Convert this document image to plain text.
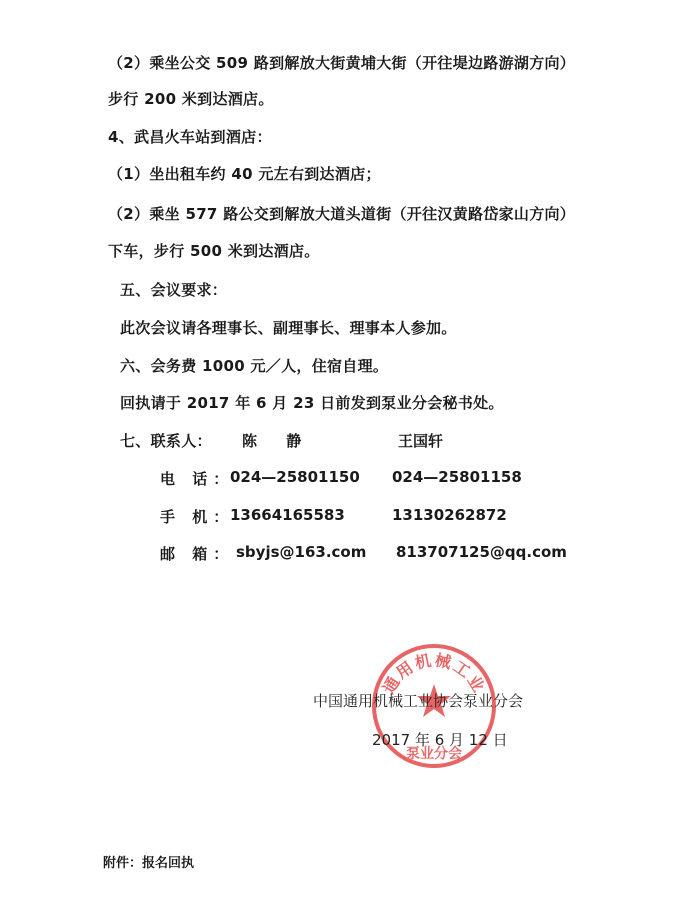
（2）乘坐公交 509 路到解放大街黄埔大街（开往堤边路游湖方向）
步行 200 米到达酒店。
4、武昌火车站到酒店：
（1）坐出租车约 40 元左右到达酒店；
（2）乘坐 577 路公交到解放大道头道街（开往汉黄路岱家山方向）
下车，步行 500 米到达酒店。
五、会议要求：
此次会议请各理事长、副理事长、理事本人参加。
六、会务费 1000 元／人，住宿自理。
回执请于 2017 年 6 月 23 日前发到泵业分会秘书处。
七、联系人： 陈 静	王国轩
电 话：
024—25801150 024—25801158
手 机：
13664165583	13130262872
邮 箱： sbyjs@163.com 813707125@qq.com
通用机械工业
泵业分会
中国通用机械工业协会泵业分会
2017 年 6 月 12 日
附件：报名回执
